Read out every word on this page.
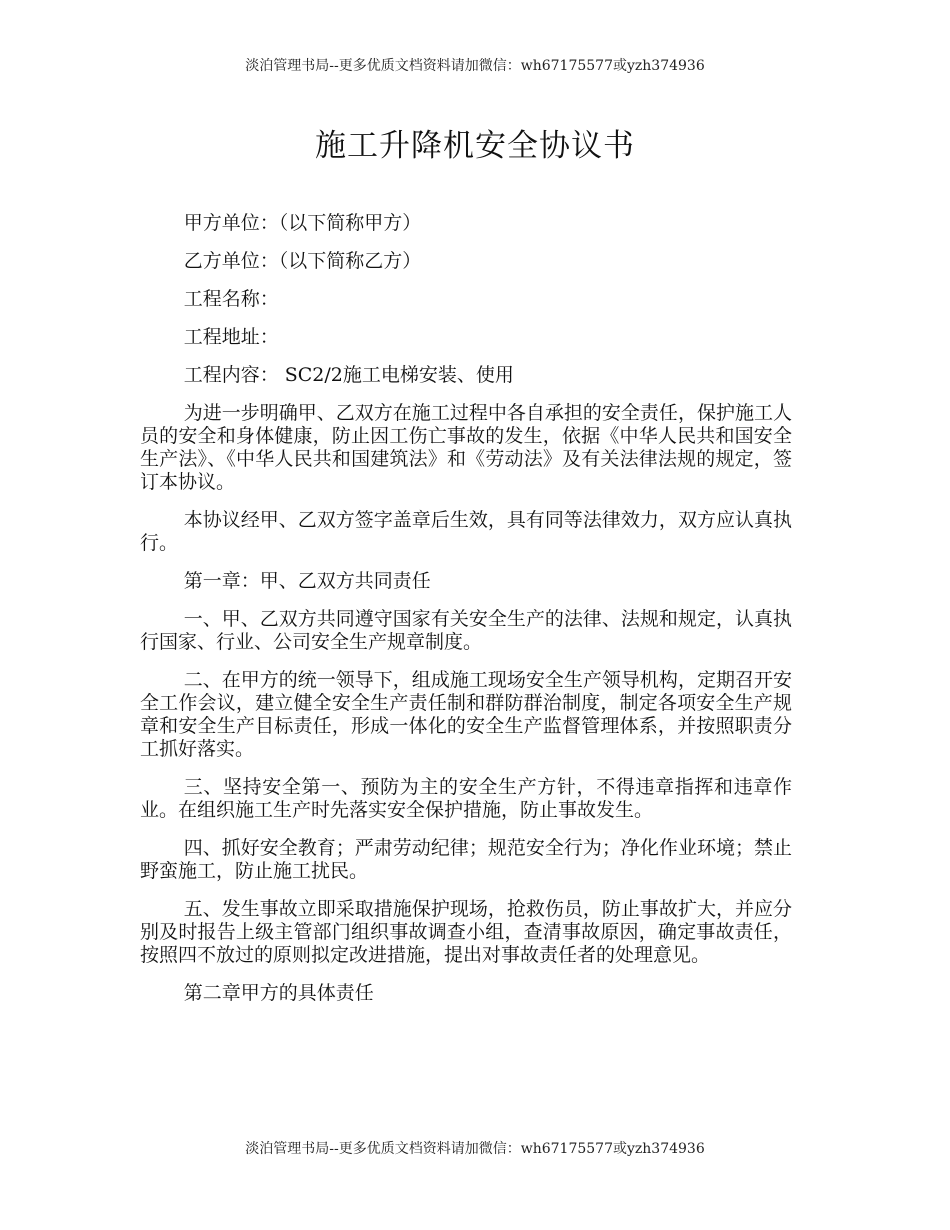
淡泊管理书局--更多优质文档资料请加微信：wh67175577或yzh374936
施工升降机安全协议书

甲方单位：（以下简称甲方）

乙方单位：（以下简称乙方）

工程名称：

工程地址：

工程内容： SC2/2施工电梯安装、使用

为进一步明确甲、乙双方在施工过程中各自承担的安全责任，保护施工人员的安全和身体健康，防止因工伤亡事故的发生，依据《中华人民共和国安全生产法》、《中华人民共和国建筑法》和《劳动法》及有关法律法规的规定，签订本协议。

本协议经甲、乙双方签字盖章后生效，具有同等法律效力，双方应认真执行。

第一章：甲、乙双方共同责任

一、甲、乙双方共同遵守国家有关安全生产的法律、法规和规定，认真执行国家、行业、公司安全生产规章制度。

二、在甲方的统一领导下，组成施工现场安全生产领导机构，定期召开安全工作会议，建立健全安全生产责任制和群防群治制度，制定各项安全生产规章和安全生产目标责任，形成一体化的安全生产监督管理体系，并按照职责分工抓好落实。

三、坚持安全第一、预防为主的安全生产方针，不得违章指挥和违章作业。在组织施工生产时先落实安全保护措施，防止事故发生。

四、抓好安全教育；严肃劳动纪律；规范安全行为；净化作业环境；禁止野蛮施工，防止施工扰民。

五、发生事故立即采取措施保护现场，抢救伤员，防止事故扩大，并应分别及时报告上级主管部门组织事故调查小组，查清事故原因，确定事故责任，按照四不放过的原则拟定改进措施，提出对事故责任者的处理意见。

第二章甲方的具体责任

淡泊管理书局--更多优质文档资料请加微信：wh67175577或yzh374936
